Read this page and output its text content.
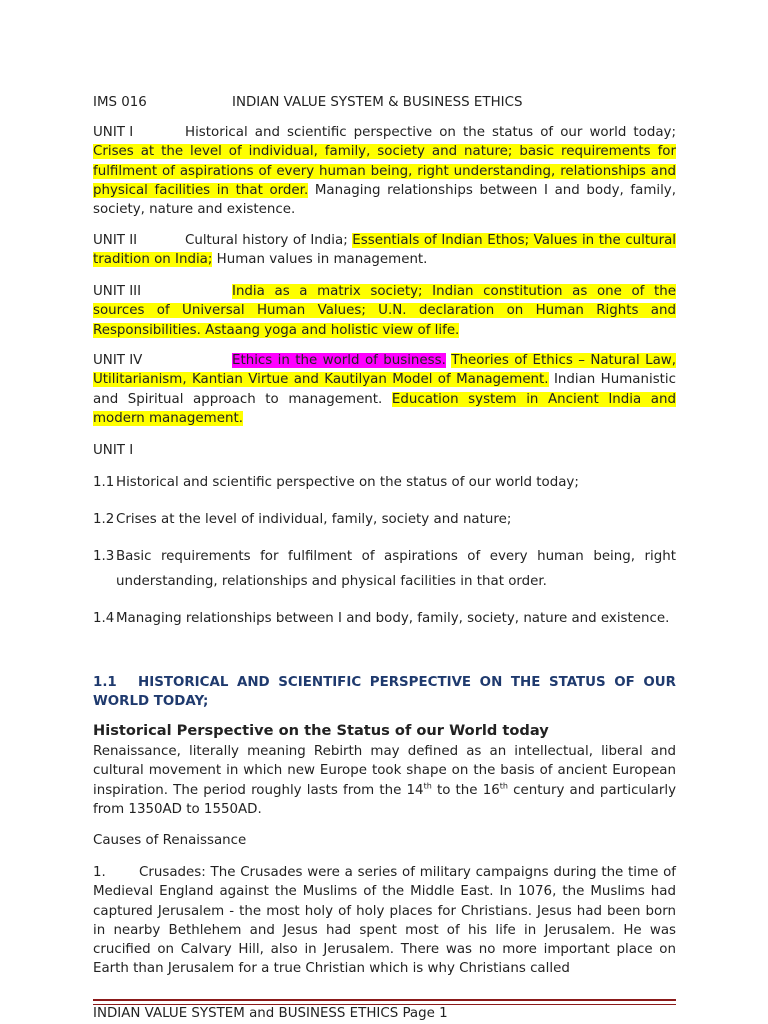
IMS 016	INDIAN VALUE SYSTEM & BUSINESS ETHICS

UNIT I	Historical and scientific perspective on the status of our world today; Crises at the level of individual, family, society and nature; basic requirements for fulfilment of aspirations of every human being, right understanding, relationships and physical facilities in that order. Managing relationships between I and body, family, society, nature and existence.

UNIT II	Cultural history of India; Essentials of Indian Ethos; Values in the cultural tradition on India; Human values in management.

UNIT III	India as a matrix society; Indian constitution as one of the sources of Universal Human Values; U.N. declaration on Human Rights and Responsibilities. Astaang yoga and holistic view of life.

UNIT IV	Ethics in the world of business. Theories of Ethics – Natural Law, Utilitarianism, Kantian Virtue and Kautilyan Model of Management. Indian Humanistic and Spiritual approach to management. Education system in Ancient India and modern management.

UNIT I
1.1 Historical and scientific perspective on the status of our world today;
1.2 Crises at the level of individual, family, society and nature;
1.3 Basic requirements for fulfilment of aspirations of every human being, right understanding, relationships and physical facilities in that order.
1.4 Managing relationships between I and body, family, society, nature and existence.
1.1 HISTORICAL AND SCIENTIFIC PERSPECTIVE ON THE STATUS OF OUR WORLD TODAY;
Historical Perspective on the Status of our World today

Renaissance, literally meaning Rebirth may defined as an intellectual, liberal and cultural movement in which new Europe took shape on the basis of ancient European inspiration. The period roughly lasts from the 14th to the 16th century and particularly from 1350AD to 1550AD.

Causes of Renaissance

1. Crusades: The Crusades were a series of military campaigns during the time of Medieval England against the Muslims of the Middle East. In 1076, the Muslims had captured Jerusalem - the most holy of holy places for Christians. Jesus had been born in nearby Bethlehem and Jesus had spent most of his life in Jerusalem. He was crucified on Calvary Hill, also in Jerusalem. There was no more important place on Earth than Jerusalem for a true Christian which is why Christians called

INDIAN VALUE SYSTEM and BUSINESS ETHICS Page 1
